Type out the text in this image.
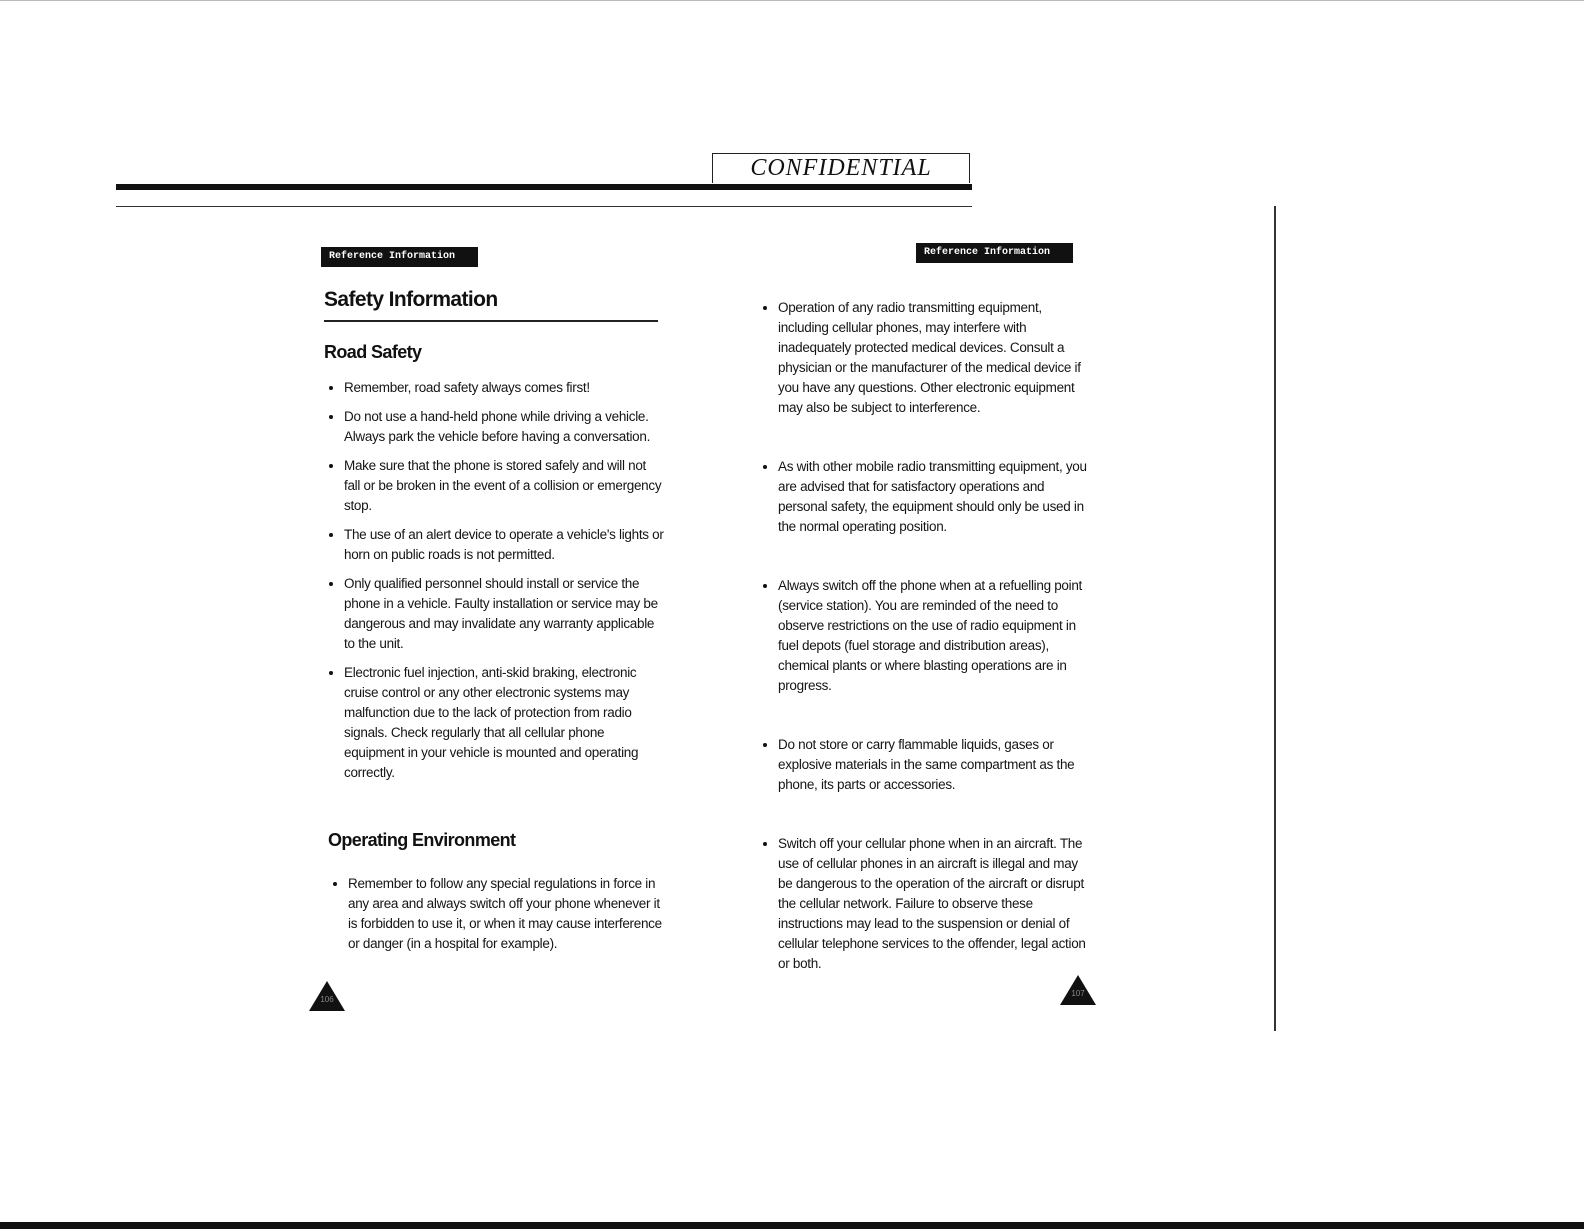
CONFIDENTIAL
Reference Information
Safety Information
Road Safety
Remember, road safety always comes first!
Do not use a hand-held phone while driving a vehicle. Always park the vehicle before having a conversation.
Make sure that the phone is stored safely and will not fall or be broken in the event of a collision or emergency stop.
The use of an alert device to operate a vehicle's lights or horn on public roads is not permitted.
Only qualified personnel should install or service the phone in a vehicle. Faulty installation or service may be dangerous and may invalidate any warranty applicable to the unit.
Electronic fuel injection, anti-skid braking, electronic cruise control or any other electronic systems may malfunction due to the lack of protection from radio signals. Check regularly that all cellular phone equipment in your vehicle is mounted and operating correctly.
Operating Environment
Remember to follow any special regulations in force in any area and always switch off your phone whenever it is forbidden to use it, or when it may cause interference or danger (in a hospital for example).
106
Reference Information
Operation of any radio transmitting equipment, including cellular phones, may interfere with inadequately protected medical devices. Consult a physician or the manufacturer of the medical device if you have any questions. Other electronic equipment may also be subject to interference.
As with other mobile radio transmitting equipment, you are advised that for satisfactory operations and personal safety, the equipment should only be used in the normal operating position.
Always switch off the phone when at a refuelling point (service station). You are reminded of the need to observe restrictions on the use of radio equipment in fuel depots (fuel storage and distribution areas), chemical plants or where blasting operations are in progress.
Do not store or carry flammable liquids, gases or explosive materials in the same compartment as the phone, its parts or accessories.
Switch off your cellular phone when in an aircraft. The use of cellular phones in an aircraft is illegal and may be dangerous to the operation of the aircraft or disrupt the cellular network. Failure to observe these instructions may lead to the suspension or denial of cellular telephone services to the offender, legal action or both.
107
